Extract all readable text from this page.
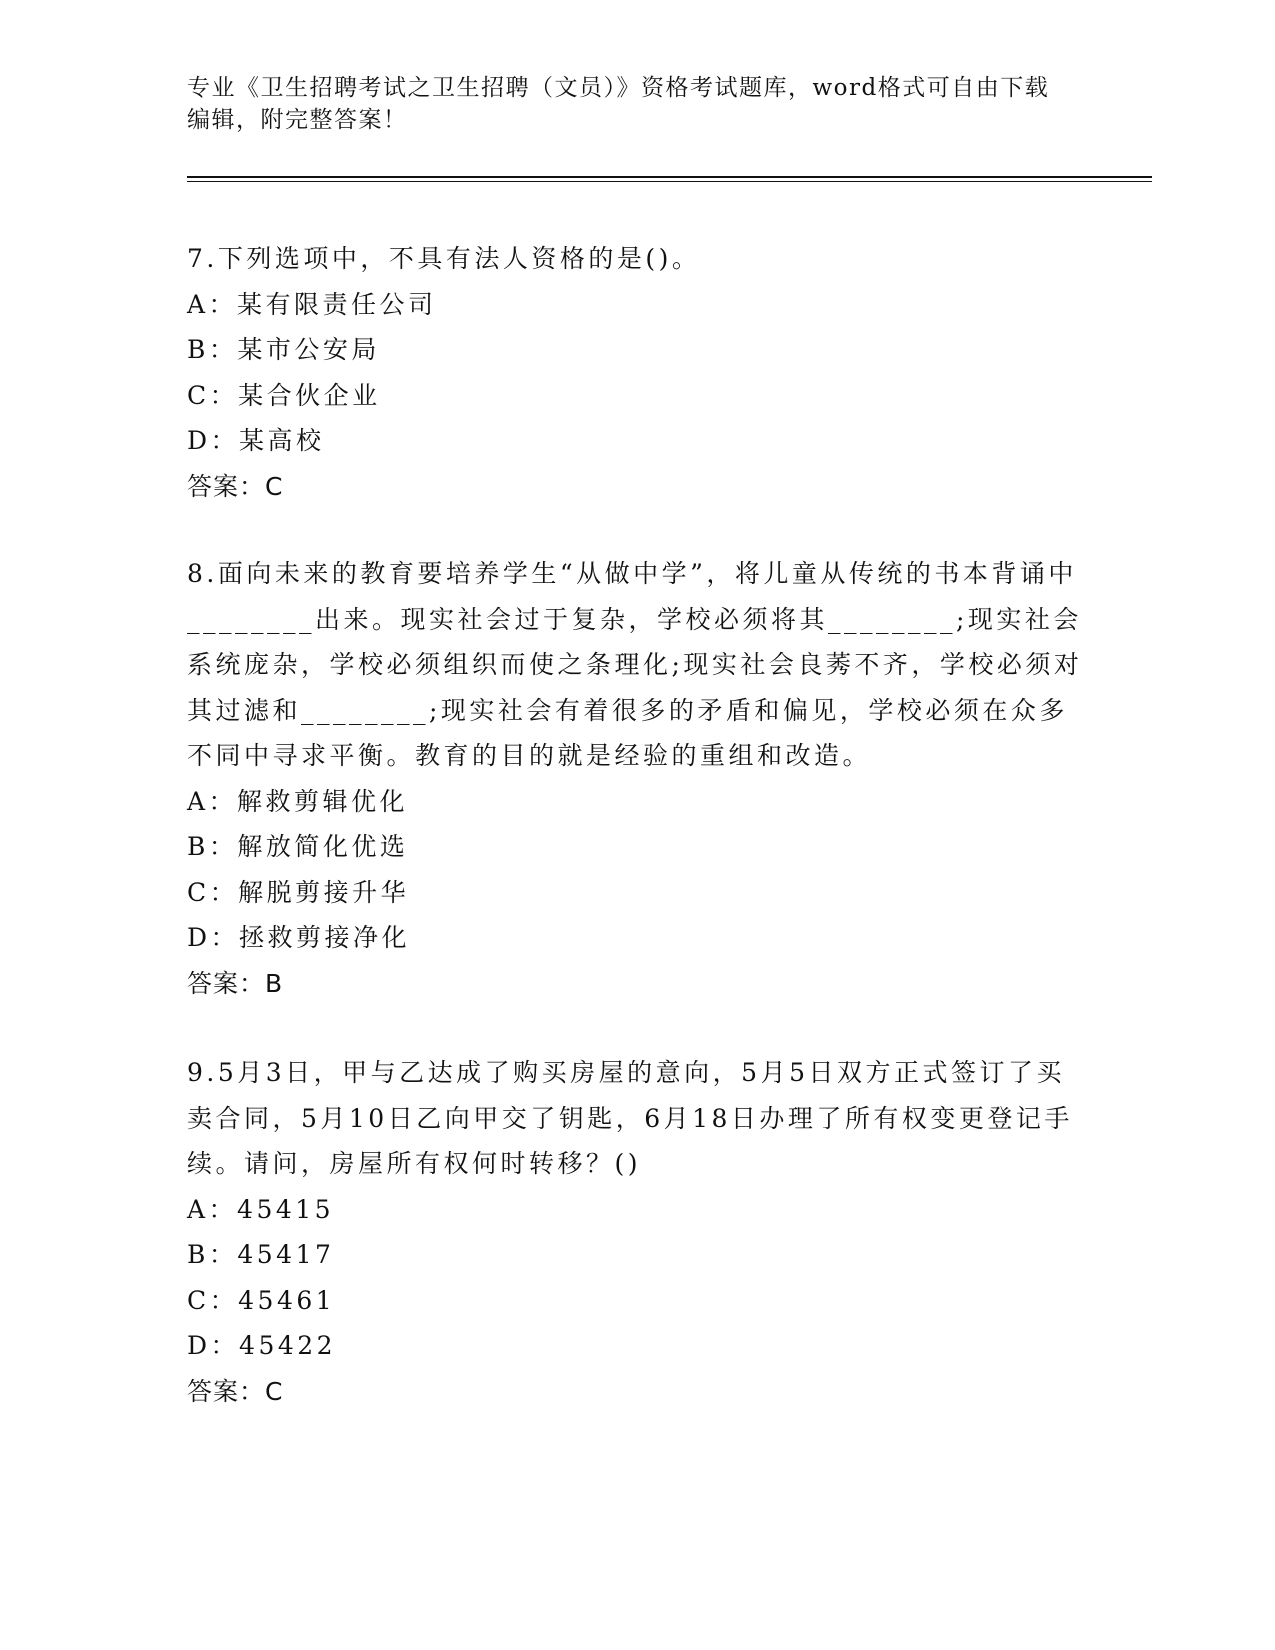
专业《卫生招聘考试之卫生招聘（文员）》资格考试题库，word格式可自由下载编辑，附完整答案！

7.下列选项中，不具有法人资格的是()。

A：某有限责任公司

B：某市公安局

C：某合伙企业

D：某高校

答案：C

8.面向未来的教育要培养学生“从做中学”，将儿童从传统的书本背诵中________出来。现实社会过于复杂，学校必须将其________;现实社会系统庞杂，学校必须组织而使之条理化;现实社会良莠不齐，学校必须对其过滤和________;现实社会有着很多的矛盾和偏见，学校必须在众多不同中寻求平衡。教育的目的就是经验的重组和改造。

A：解救剪辑优化

B：解放简化优选

C：解脱剪接升华

D：拯救剪接净化

答案：B

9.5月3日，甲与乙达成了购买房屋的意向，5月5日双方正式签订了买卖合同，5月10日乙向甲交了钥匙，6月18日办理了所有权变更登记手续。请问，房屋所有权何时转移？()

A：45415

B：45417

C：45461

D：45422

答案：C
